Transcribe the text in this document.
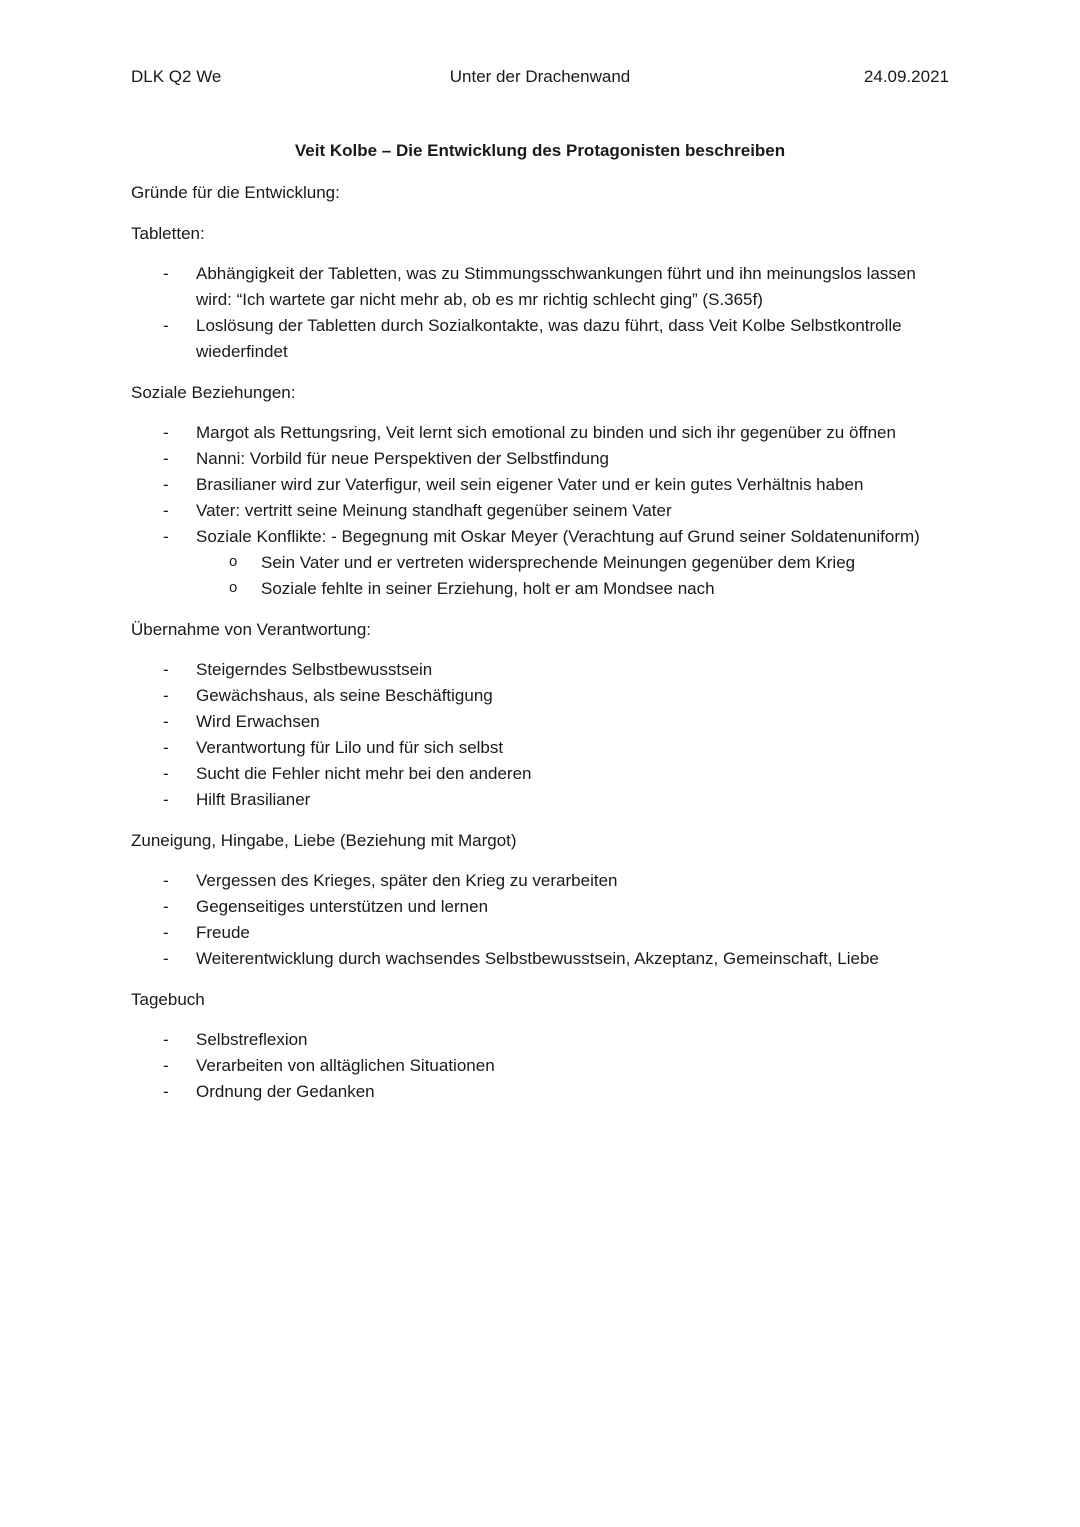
DLK Q2 We	Unter der Drachenwand	24.09.2021
Veit Kolbe – Die Entwicklung des Protagonisten beschreiben

Gründe für die Entwicklung:

Tabletten:

- Abhängigkeit der Tabletten, was zu Stimmungsschwankungen führt und ihn meinungslos lassen wird: “Ich wartete gar nicht mehr ab, ob es mr richtig schlecht ging” (S.365f)
- Loslösung der Tabletten durch Sozialkontakte, was dazu führt, dass Veit Kolbe Selbstkontrolle wiederfindet

Soziale Beziehungen:

- Margot als Rettungsring, Veit lernt sich emotional zu binden und sich ihr gegenüber zu öffnen
- Nanni: Vorbild für neue Perspektiven der Selbstfindung
- Brasilianer wird zur Vaterfigur, weil sein eigener Vater und er kein gutes Verhältnis haben
- Vater: vertritt seine Meinung standhaft gegenüber seinem Vater
- Soziale Konflikte: - Begegnung mit Oskar Meyer (Verachtung auf Grund seiner Soldatenuniform)
o Sein Vater und er vertreten widersprechende Meinungen gegenüber dem Krieg
o Soziale fehlte in seiner Erziehung, holt er am Mondsee nach

Übernahme von Verantwortung:

- Steigerndes Selbstbewusstsein
- Gewächshaus, als seine Beschäftigung
- Wird Erwachsen
- Verantwortung für Lilo und für sich selbst
- Sucht die Fehler nicht mehr bei den anderen
- Hilft Brasilianer

Zuneigung, Hingabe, Liebe (Beziehung mit Margot)

- Vergessen des Krieges, später den Krieg zu verarbeiten
- Gegenseitiges unterstützen und lernen
- Freude
- Weiterentwicklung durch wachsendes Selbstbewusstsein, Akzeptanz, Gemeinschaft, Liebe

Tagebuch

- Selbstreflexion
- Verarbeiten von alltäglichen Situationen
- Ordnung der Gedanken
